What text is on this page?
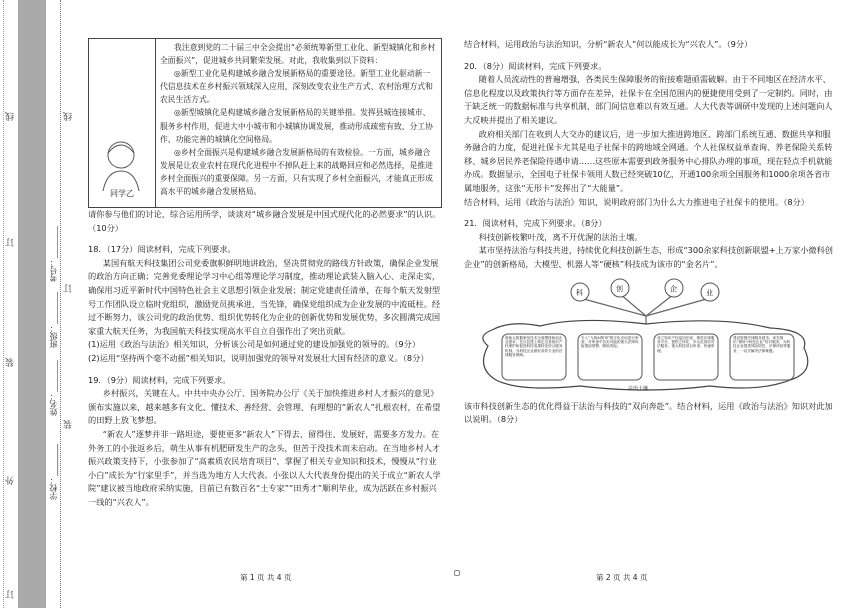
线	线
订
订
装
装
外
订
考号：________
班级：________
姓名：________
学校：________
同学乙

我注意到党的二十届三中全会提出“必须统筹新型工业化、新型城镇化和乡村全面振兴”，促进城乡共同繁荣发展。对此，我收集到以下资料：

◎新型工业化是构建城乡融合发展新格局的重要途径。新型工业化驱动新一代信息技术在乡村振兴领域深入应用，深刻改变农业生产方式、农村治理方式和农民生活方式。

◎新型城镇化是构建城乡融合发展新格局的关键举措。发挥县城连接城市、服务乡村作用，促进大中小城市和小城镇协调发展，推动形成疏密有致、分工协作、功能完善的城镇化空间格局。

◎乡村全面振兴是构建城乡融合发展新格局的有效检验。一方面，城乡融合发展是让农业农村在现代化进程中不掉队赶上来的战略回应和必然选择，是推进乡村全面振兴的重要保障。另一方面，只有实现了乡村全面振兴，才能真正形成高水平的城乡融合发展格局。

请你参与他们的讨论，综合运用所学，谈谈对“城乡融合发展是中国式现代化的必然要求”的认识。（10分）

18．（17分）阅读材料，完成下列要求。

某国有航天科技集团公司党委旗帜鲜明地讲政治，坚决贯彻党的路线方针政策，确保企业发展的政治方向正确；完善党委理论学习中心组等理论学习制度，推动理论武装入脑入心、走深走实，确保用习近平新时代中国特色社会主义思想引领企业发展；制定党建责任清单，在每个航天发射型号工作团队设立临时党组织，激励党员挑承进、当先锋，确保党组织成为企业发展的中流砥柱。经过不断努力，该公司党的政治优势、组织优势转化为企业的创新优势和发展优势，多次圆满完成国家重大航天任务，为我国航天科技实现高水平自立自强作出了突出贡献。

(1)运用《政治与法治》相关知识，分析该公司是如何通过党的建设加强党的领导的。（9分）

(2)运用“坚持两个毫不动摇”相关知识，说明加强党的领导对发展壮大国有经济的意义。（8分）

19．（9分）阅读材料，完成下列要求。

乡村振兴，关键在人。中共中央办公厅、国务院办公厅《关于加快推进乡村人才振兴的意见》颁布实施以来，越来越多有文化、懂技术、善经营、会管理、有理想的“新农人”扎根农村，在希望的田野上放飞梦想。

“新农人”逐梦并非一路坦途，要使更多“新农人”下得去、留得住、发展好，需要多方发力。在外务工的小张返乡后，萌生从事有机肥研发生产的念头，但苦于没技术而未启动。在当地乡村人才振兴政策支持下，小张参加了“高素质农民培育项目”，掌握了相关专业知识和技术，慢慢从“行业小白”成长为“行家里手”，并当选为地方人大代表。小张以人大代表身份提出的关于成立“新农人学院”建议被当地政府采纳实施，目前已有数百名“土专家”“田秀才”顺利毕业，成为活跃在乡村振兴一线的“兴农人”。

第 1 页 共 4 页

结合材料，运用政治与法治知识，分析“新农人”何以能成长为“兴农人”。（9分）

20．（8分）阅读材料，完成下列要求。

随着人员流动性的普遍增强，各类民生保障服务的衔接难题亟需破解。由于不同地区在经济水平、信息化程度以及政策执行等方面存在差异，社保卡在全国范围内的便捷使用受到了一定制约。同时，由于缺乏统一的数据标准与共享机制，部门间信息难以有效互通。人大代表等调研中发现的上述问题向人大反映并提出了相关建议。

政府相关部门在收到人大交办的建议后，进一步加大推进跨地区、跨部门系统互通、数据共享和服务融合的力度，促进社保卡尤其是电子社保卡的跨地域全网通。个人社保权益单查询、养老保险关系转移、城乡居民养老保险待遇申请……这些原本需要到政务服务中心排队办理的事项，现在轻点手机就能办成。数据显示，全国电子社保卡领用人数已经突破10亿，开通100余项全国服务和1000余项各省市属地服务，这张“无形卡”发挥出了“大能量”。

结合材料，运用《政治与法治》知识，说明政府部门为什么大力推进电子社保卡的使用。（8分）

21．阅读材料，完成下列要求。（8分）

科技创新枝繁叶茂，离不开优渥的法治土壤。

某市坚持法治与科技共进，持续优化科技创新生态，形成“300余家科技创新联盟+上万家小微科创企业”的创新格局，大模型、机器人等“硬核”科技成为该市的“金名片”。

科	创	企	业
借助大数据案发技术全面摸排和创企业需求，在区县建上制定完善知识产权保护和促进科技成果转化综合服务机制，为科技企业做好高效专业的法律服务保障。
引入“飞规AI智审”数字化应用进行审查，对审查中各类可能的重大法律风险提前预警，降低风险。
成立知识产权巡回法庭，推进法律服务平台，提供立体化、多元化高效司法服务，重大科技项目申请、快速审理。
建设智慧法律服务超市，率先推出“律所+科技企业”结对服务，为科技企业提供风险防控，法律体检等服务，一站式解决法律难题。
法治土壤

该市科技创新生态的优化得益于法治与科技的“双向奔赴”。结合材料，运用《政治与法治》知识对此加以说明。（8分）

第 2 页 共 4 页
